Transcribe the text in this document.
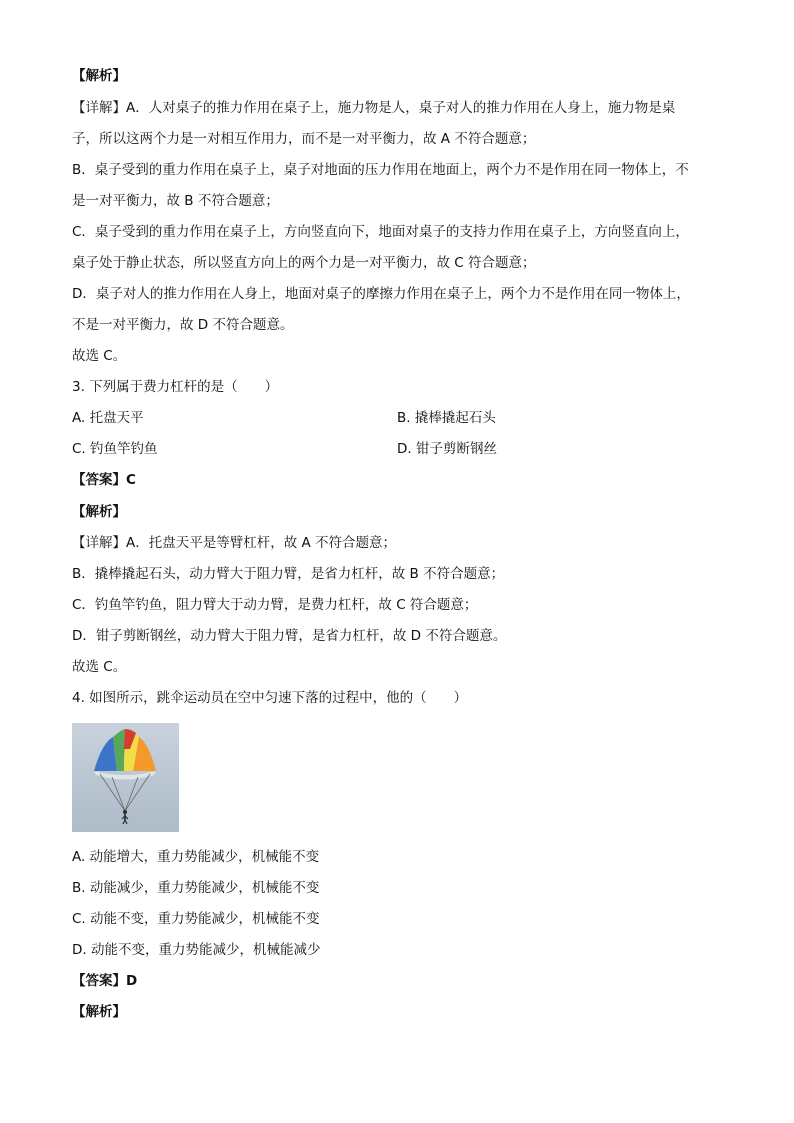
【解析】
【详解】A．人对桌子的推力作用在桌子上，施力物是人，桌子对人的推力作用在人身上，施力物是桌
子，所以这两个力是一对相互作用力，而不是一对平衡力，故 A 不符合题意；
B．桌子受到的重力作用在桌子上，桌子对地面的压力作用在地面上，两个力不是作用在同一物体上，不
是一对平衡力，故 B 不符合题意；
C．桌子受到的重力作用在桌子上，方向竖直向下，地面对桌子的支持力作用在桌子上，方向竖直向上，
桌子处于静止状态，所以竖直方向上的两个力是一对平衡力，故 C 符合题意；
D．桌子对人的推力作用在人身上，地面对桌子的摩擦力作用在桌子上，两个力不是作用在同一物体上，
不是一对平衡力，故 D 不符合题意。
故选 C。
3. 下列属于费力杠杆的是（　　）
A. 托盘天平	B. 撬棒撬起石头
C. 钓鱼竿钓鱼	D. 钳子剪断钢丝
【答案】C
【解析】
【详解】A．托盘天平是等臂杠杆，故 A 不符合题意；
B．撬棒撬起石头，动力臂大于阻力臂，是省力杠杆，故 B 不符合题意；
C．钓鱼竿钓鱼，阻力臂大于动力臂，是费力杠杆，故 C 符合题意；
D．钳子剪断钢丝，动力臂大于阻力臂，是省力杠杆，故 D 不符合题意。
故选 C。
4. 如图所示，跳伞运动员在空中匀速下落的过程中，他的（　　）
A. 动能增大，重力势能减少，机械能不变
B. 动能减少，重力势能减少，机械能不变
C. 动能不变，重力势能减少，机械能不变
D. 动能不变，重力势能减少，机械能减少
【答案】D
【解析】
